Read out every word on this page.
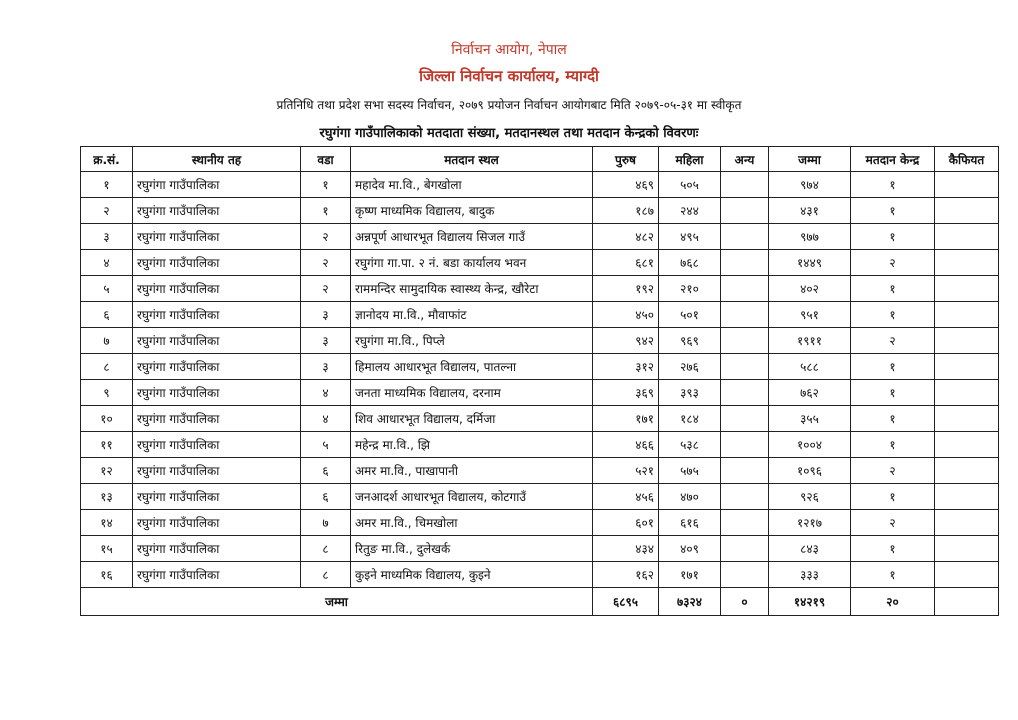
निर्वाचन आयोग, नेपाल
जिल्ला निर्वाचन कार्यालय, म्याग्दी
प्रतिनिधि तथा प्रदेश सभा सदस्य निर्वाचन, २०७९ प्रयोजन निर्वाचन आयोगबाट मिति २०७९-०५-३१ मा स्वीकृत
रघुगंगा गाउँपालिकाको मतदाता संख्या, मतदानस्थल तथा मतदान केन्द्रको विवरणः
क्र.सं.	स्थानीय तह	वडा	मतदान स्थल	पुरुष	महिला	अन्य	जम्मा	मतदान केन्द्र	कैफियत
१	रघुगंगा गाउँपालिका	१	महादेव मा.वि., बेगखोला	४६९	५०५		९७४	१	
२	रघुगंगा गाउँपालिका	१	कृष्ण माध्यमिक विद्यालय, बादुक	१८७	२४४		४३१	१	
३	रघुगंगा गाउँपालिका	२	अन्नपूर्ण आधारभूत विद्यालय सिजल गाउँ	४८२	४९५		९७७	१	
४	रघुगंगा गाउँपालिका	२	रघुगंगा गा.पा. २ नं. बडा कार्यालय भवन	६८१	७६८		१४४९	२	
५	रघुगंगा गाउँपालिका	२	राममन्दिर सामुदायिक स्वास्थ्य केन्द्र, खौरेटा	१९२	२१०		४०२	१	
६	रघुगंगा गाउँपालिका	३	ज्ञानोदय मा.वि., मौवाफांट	४५०	५०१		९५१	१	
७	रघुगंगा गाउँपालिका	३	रघुगंगा मा.वि., पिप्ले	९४२	९६९		१९११	२	
८	रघुगंगा गाउँपालिका	३	हिमालय आधारभूत विद्यालय, पातल्ना	३१२	२७६		५८८	१	
९	रघुगंगा गाउँपालिका	४	जनता माध्यमिक विद्यालय, दरनाम	३६९	३९३		७६२	१	
१०	रघुगंगा गाउँपालिका	४	शिव आधारभूत विद्यालय, दर्मिजा	१७१	१८४		३५५	१	
११	रघुगंगा गाउँपालिका	५	महेन्द्र मा.वि., झि	४६६	५३८		१००४	१	
१२	रघुगंगा गाउँपालिका	६	अमर मा.वि., पाखापानी	५२१	५७५		१०९६	२	
१३	रघुगंगा गाउँपालिका	६	जनआदर्श आधारभूत विद्यालय, कोटगाउँ	४५६	४७०		९२६	१	
१४	रघुगंगा गाउँपालिका	७	अमर मा.वि., चिमखोला	६०१	६१६		१२१७	२	
१५	रघुगंगा गाउँपालिका	८	रितुङ मा.वि., दुलेखर्क	४३४	४०९		८४३	१	
१६	रघुगंगा गाउँपालिका	८	कुइने माध्यमिक विद्यालय, कुइने	१६२	१७१		३३३	१	
जम्मा				६८९५	७३२४	०	१४२१९	२०	
